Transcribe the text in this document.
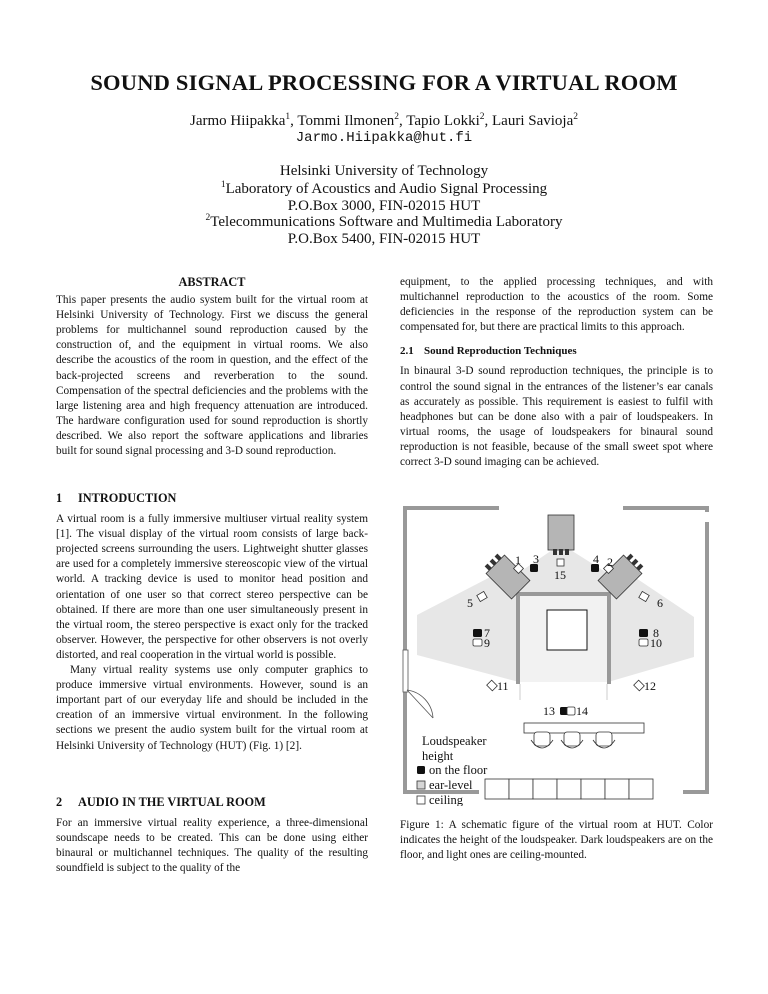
SOUND SIGNAL PROCESSING FOR A VIRTUAL ROOM
Jarmo Hiipakka$^1$, Tommi Ilmonen$^2$, Tapio Lokki$^2$, Lauri Savioja$^2$
Jarmo.Hiipakka@hut.fi
Helsinki University of Technology
$^1$Laboratory of Acoustics and Audio Signal Processing
P.O.Box 3000, FIN-02015 HUT
$^2$Telecommunications Software and Multimedia Laboratory
P.O.Box 5400, FIN-02015 HUT

ABSTRACT

This paper presents the audio system built for the virtual room at Helsinki University of Technology. First we discuss the general problems for multichannel sound reproduction caused by the construction of, and the equipment in virtual rooms. We also describe the acoustics of the room in question, and the effect of the back-projected screens and reverberation to the sound. Compensation of the spectral deficiencies and the problems with the large listening area and high frequency attenuation are introduced. The hardware configuration used for sound reproduction is shortly described. We also report the software applications and libraries built for sound signal processing and 3-D sound reproduction.

1 INTRODUCTION

A virtual room is a fully immersive multiuser virtual reality system [1]. The visual display of the virtual room consists of large back-projected screens surrounding the users. Lightweight shutter glasses are used for a completely immersive stereoscopic view of the virtual world. A tracking device is used to monitor head position and orientation of one user so that correct stereo perspective can be obtained. If there are more than one user simultaneously present in the virtual room, the stereo perspective is exact only for the tracked observer. However, the perspective for other observers is not overly distorted, and real cooperation in the virtual world is possible.

Many virtual reality systems use only computer graphics to produce immersive virtual environments. However, sound is an important part of our everyday life and should be included in the creation of an immersive virtual environment. In the following sections we present the audio system built for the virtual room at Helsinki University of Technology (HUT) (Fig. 1) [2].

2 AUDIO IN THE VIRTUAL ROOM

For an immersive virtual reality experience, a three-dimensional soundscape needs to be created. This can be done using either binaural or multichannel techniques. The quality of the resulting soundfield is subject to the quality of the

equipment, to the applied processing techniques, and with multichannel reproduction to the acoustics of the room. Some deficiencies in the response of the reproduction system can be compensated for, but there are practical limits to this approach.

2.1 Sound Reproduction Techniques

In binaural 3-D sound reproduction techniques, the principle is to control the sound signal in the entrances of the listener’s ear canals as accurately as possible. This requirement is easiest to fulfil with headphones but can be done also with a pair of loudspeakers. In virtual rooms, the usage of loudspeakers for binaural sound reproduction is not feasible, because of the small sweet spot where correct 3-D sound imaging can be achieved.

1 3	4 2
15
5	6
7
9
8
10
11	12
13 14
Loudspeaker
height
on the floor
ear-level
ceiling

Figure 1: A schematic figure of the virtual room at HUT. Color indicates the height of the loudspeaker. Dark loudspeakers are on the floor, and light ones are ceiling-mounted.
